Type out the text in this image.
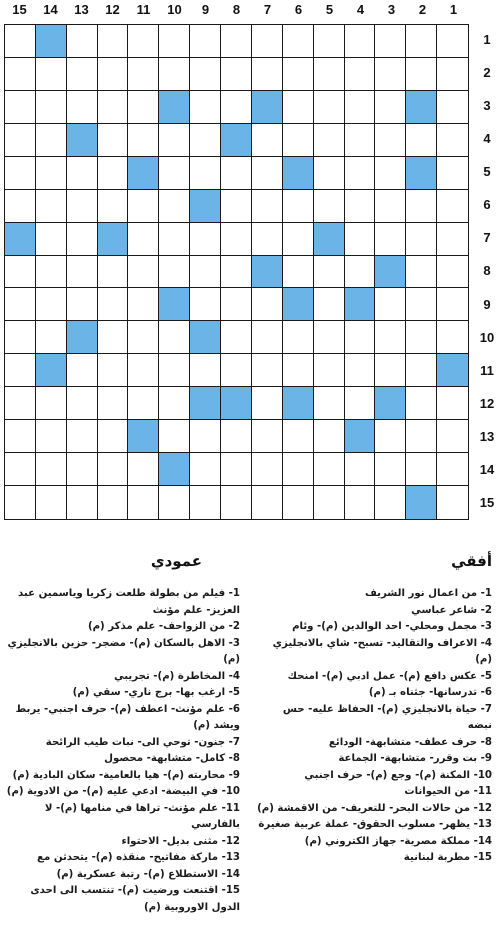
15	14	13	12	11	10	9	8	7	6	5	4	3	2	1
1
2
3
4
5
6
7
8
9
10
11
12
13
14
15
أفقي
1- من اعمال نور الشريف
2- شاعر عباسي
3- مجمل ومحلي- احد الوالدين (م)- وئام
4- الاعراف والتقاليد- تسبح- شاي بالانجليزي (م)
5- عكس دافع (م)- عمل ادبي (م)- امنحك
6- تدرسانها- جثناه بـ (م)
7- حياة بالانجليزي (م)- الحفاظ عليه- حس نبضه
8- حرف عطف- متشابهة- الودائع
9- بت وقرر- متشابهة- الجماعة
10- المكنة (م)- وجع (م)- حرف اجنبي
11- من الحيوانات
12- من حالات البحر- للتعريف- من الاقمشة (م)
13- يظهر- مسلوب الحقوق- عملة عربية صغيرة
14- مملكة مصرية- جهاز الكتروني (م)
15- مطربة لبنانية
عمودي
1- فيلم من بطولة طلعت زكريا وياسمين عبد العزيز- علم مؤنث
2- من الزواحف- علم مذكر (م)
3- الاهل بالسكان (م)- مضجر- حزين بالانجليزي (م)
4- المخاطرة (م)- تجريبي
5- ارغب بها- برج ناري- سقي (م)
6- علم مؤنث- اعطف (م)- حرف اجنبي- يربط ويشد (م)
7- جنون- توحي الى- نبات طيب الرائحة
8- كامل- متشابهة- محصول
9- محاربته (م)- هيا بالعامية- سكان البادية (م)
10- في البيضة- ادعي عليه (م)- من الادوية (م)
11- علم مؤنث- تراها في منامها (م)- لا بالفارسي
12- مثنى بديل- الاحتواء
13- ماركة مفاتيح- منقذه (م)- يتحدثن مع
14- الاستطلاع (م)- رتبة عسكرية (م)
15- اقتنعت ورضيت (م)- تنتسب الى احدى الدول الاوروبية (م)
